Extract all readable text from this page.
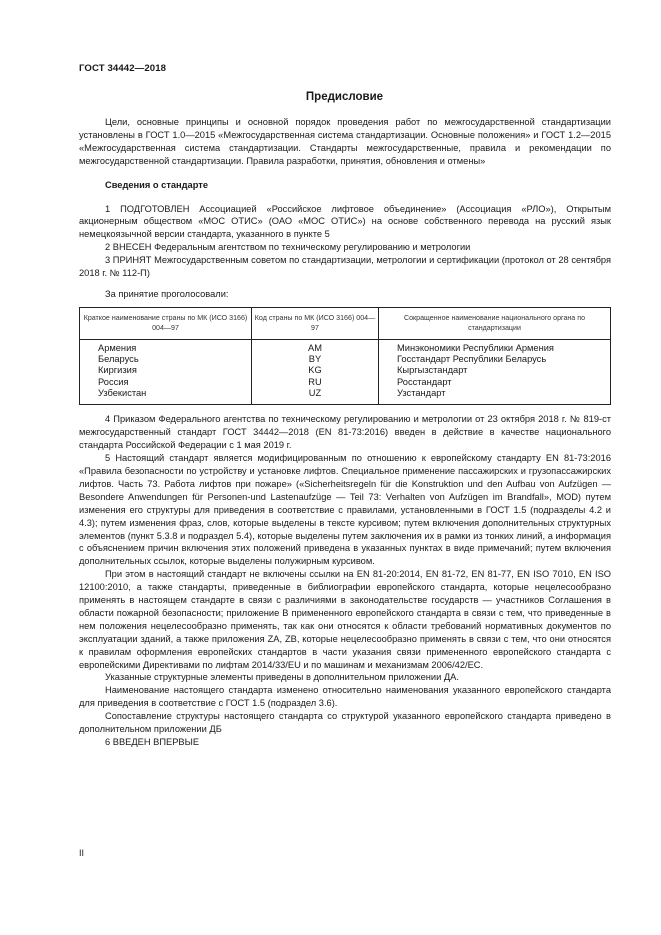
ГОСТ 34442—2018
Предисловие

Цели, основные принципы и основной порядок проведения работ по межгосударственной стандартизации установлены в ГОСТ 1.0—2015 «Межгосударственная система стандартизации. Основные положения» и ГОСТ 1.2—2015 «Межгосударственная система стандартизации. Стандарты межгосударственные, правила и рекомендации по межгосударственной стандартизации. Правила разработки, принятия, обновления и отмены»

Сведения о стандарте

1 ПОДГОТОВЛЕН Ассоциацией «Российское лифтовое объединение» (Ассоциация «РЛО»), Открытым акционерным обществом «МОС ОТИС» (ОАО «МОС ОТИС») на основе собственного перевода на русский язык немецкоязычной версии стандарта, указанного в пункте 5

2 ВНЕСЕН Федеральным агентством по техническому регулированию и метрологии

3 ПРИНЯТ Межгосударственным советом по стандартизации, метрологии и сертификации (протокол от 28 сентября 2018 г. № 112-П)

За принятие проголосовали:

Краткое наименование страны по МК (ИСО 3166) 004—97	Код страны по МК (ИСО 3166) 004—97	Сокращенное наименование национального органа по стандартизации
Армения	AM	Минэкономики Республики Армения
Беларусь	BY	Госстандарт Республики Беларусь
Киргизия	KG	Кыргызстандарт
Россия	RU	Росстандарт
Узбекистан	UZ	Узстандарт

4 Приказом Федерального агентства по техническому регулированию и метрологии от 23 октября 2018 г. № 819-ст межгосударственный стандарт ГОСТ 34442—2018 (EN 81-73:2016) введен в действие в качестве национального стандарта Российской Федерации с 1 мая 2019 г.

5 Настоящий стандарт является модифицированным по отношению к европейскому стандарту EN 81-73:2016 «Правила безопасности по устройству и установке лифтов. Специальное применение пассажирских и грузопассажирских лифтов. Часть 73. Работа лифтов при пожаре» («Sicherheitsregeln für die Konstruktion und den Aufbau von Aufzügen — Besondere Anwendungen für Personen-und Lastenaufzüge — Teil 73: Verhalten von Aufzügen im Brandfall», MOD) путем изменения его структуры для приведения в соответствие с правилами, установленными в ГОСТ 1.5 (подразделы 4.2 и 4.3); путем изменения фраз, слов, которые выделены в тексте курсивом; путем включения дополнительных структурных элементов (пункт 5.3.8 и подраздел 5.4), которые выделены путем заключения их в рамки из тонких линий, а информация с объяснением причин включения этих положений приведена в указанных пунктах в виде примечаний; путем включения дополнительных ссылок, которые выделены полужирным курсивом.

При этом в настоящий стандарт не включены ссылки на EN 81-20:2014, EN 81-72, EN 81-77, EN ISO 7010, EN ISO 12100:2010, а также стандарты, приведенные в библиографии европейского стандарта, которые нецелесообразно применять в настоящем стандарте в связи с различиями в законодательстве государств — участников Соглашения в области пожарной безопасности; приложение В примененного европейского стандарта в связи с тем, что приведенные в нем положения нецелесообразно применять, так как они относятся к области требований нормативных документов по эксплуатации зданий, а также приложения ZA, ZB, которые нецелесообразно применять в связи с тем, что они относятся к правилам оформления европейских стандартов в части указания связи примененного европейского стандарта с европейскими Директивами по лифтам 2014/33/EU и по машинам и механизмам 2006/42/EC.

Указанные структурные элементы приведены в дополнительном приложении ДА.

Наименование настоящего стандарта изменено относительно наименования указанного европейского стандарта для приведения в соответствие с ГОСТ 1.5 (подраздел 3.6).

Сопоставление структуры настоящего стандарта со структурой указанного европейского стандарта приведено в дополнительном приложении ДБ

6 ВВЕДЕН ВПЕРВЫЕ

II
